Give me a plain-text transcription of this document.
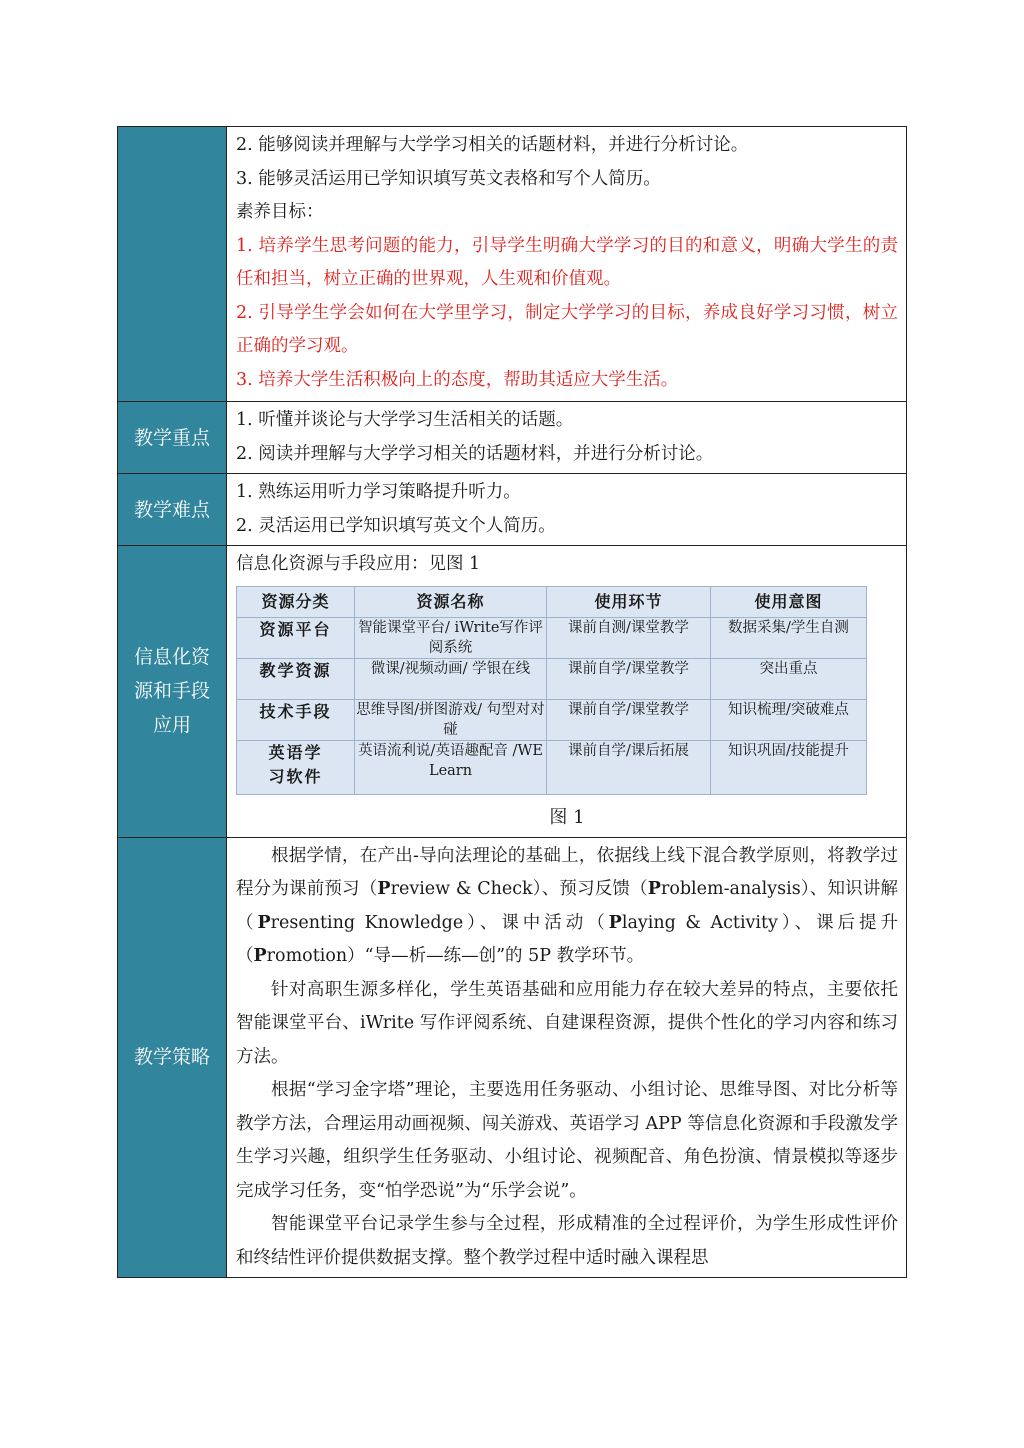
2. 能够阅读并理解与大学学习相关的话题材料，并进行分析讨论。
3. 能够灵活运用已学知识填写英文表格和写个人简历。
素养目标：
1. 培养学生思考问题的能力，引导学生明确大学学习的目的和意义，明确大学生的责任和担当，树立正确的世界观，人生观和价值观。
2. 引导学生学会如何在大学里学习，制定大学学习的目标，养成良好学习习惯，树立正确的学习观。
3. 培养大学生活积极向上的态度，帮助其适应大学生活。

教学重点	
1. 听懂并谈论与大学学习生活相关的话题。
2. 阅读并理解与大学学习相关的话题材料，并进行分析讨论。

教学难点	
1. 熟练运用听力学习策略提升听力。
2. 灵活运用已学知识填写英文个人简历。

信息化资
源和手段
应用

信息化资源与手段应用：见图 1
资源分类	资源名称	使用环节	使用意图
资源平台	智能课堂平台/ iWrite写作评阅系统	课前自测/课堂教学	数据采集/学生自测
教学资源	微课/视频动画/ 学银在线	课前自学/课堂教学	突出重点
技术手段	思维导图/拼图游戏/ 句型对对碰	课前自学/课堂教学	知识梳理/突破难点
英语学习软件	英语流利说/英语趣配音 /WE Learn	课前自学/课后拓展	知识巩固/技能提升
图 1

教学策略	
根据学情，在产出-导向法理论的基础上，依据线上线下混合教学原则，将教学过程分为课前预习（Preview & Check）、预习反馈（Problem-analysis）、知识讲解（Presenting Knowledge）、课中活动（Playing & Activity）、课后提升（Promotion）“导—析—练—创”的 5P 教学环节。
针对高职生源多样化，学生英语基础和应用能力存在较大差异的特点，主要依托智能课堂平台、iWrite 写作评阅系统、自建课程资源，提供个性化的学习内容和练习方法。
根据“学习金字塔”理论，主要选用任务驱动、小组讨论、思维导图、对比分析等教学方法，合理运用动画视频、闯关游戏、英语学习 APP 等信息化资源和手段激发学生学习兴趣，组织学生任务驱动、小组讨论、视频配音、角色扮演、情景模拟等逐步完成学习任务，变“怕学恐说”为“乐学会说”。
智能课堂平台记录学生参与全过程，形成精准的全过程评价，为学生形成性评价和终结性评价提供数据支撑。整个教学过程中适时融入课程思
